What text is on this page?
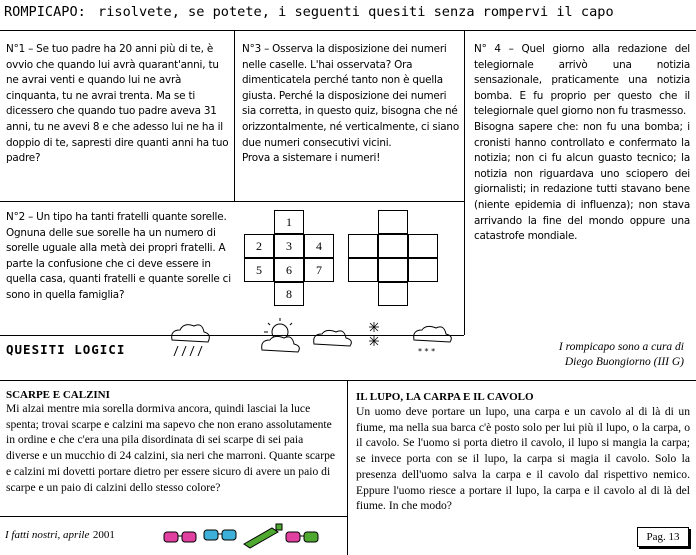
ROMPICAPO: risolvete, se potete, i seguenti quesiti senza rompervi il capo
N°1 – Se tuo padre ha 20 anni più di te, è ovvio che quando lui avrà quarant'anni, tu ne avrai venti e quando lui ne avrà cinquanta, tu ne avrai trenta. Ma se ti dicessero che quando tuo padre aveva 31 anni, tu ne avevi 8 e che adesso lui ne ha il doppio di te, sapresti dire quanti anni ha tuo padre?
N°3 – Osserva la disposizione dei numeri nelle caselle. L'hai osservata? Ora dimenticatela perché tanto non è quella giusta. Perché la disposizione dei numeri sia corretta, in questo quiz, bisogna che né orizzontalmente, né verticalmente, ci siano due numeri consecutivi vicini.
Prova a sistemare i numeri!
N° 4 – Quel giorno alla redazione del telegiornale arrivò una notizia sensazionale, praticamente una notizia bomba. E fu proprio per questo che il telegiornale quel giorno non fu trasmesso.
Bisogna sapere che: non fu una bomba; i cronisti hanno controllato e confermato la notizia; non ci fu alcun guasto tecnico; la notizia non riguardava uno sciopero dei giornalisti; in redazione tutti stavano bene (niente epidemia di influenza); non stava arrivando la fine del mondo oppure una catastrofe mondiale.
N°2 – Un tipo ha tanti fratelli quante sorelle. Ognuna delle sue sorelle ha un numero di sorelle uguale alla metà dei propri fratelli. A parte la confusione che ci deve essere in quella casa, quanti fratelli e quante sorelle ci sono in quella famiglia?
1
2	3	4
5	6	7
8
* * *
QUESITI LOGICI	I rompicapo sono a cura di
Diego Buongiorno (III G)
SCARPE E CALZINI
Mi alzai mentre mia sorella dormiva ancora, quindi lasciai la luce spenta; trovai scarpe e calzini ma sapevo che non erano assolutamente in ordine e che c'era una pila disordinata di sei scarpe di sei paia diverse e un mucchio di 24 calzini, sia neri che marroni. Quante scarpe e calzini mi dovetti portare dietro per essere sicuro di avere un paio di scarpe e un paio di calzini dello stesso colore?
IL LUPO, LA CARPA E IL CAVOLO
Un uomo deve portare un lupo, una carpa e un cavolo al di là di un fiume, ma nella sua barca c'è posto solo per lui più il lupo, o la carpa, o il cavolo. Se l'uomo si porta dietro il cavolo, il lupo si mangia la carpa; se invece porta con se il lupo, la carpa si magia il cavolo. Solo la presenza dell'uomo salva la carpa e il cavolo dal rispettivo nemico. Eppure l'uomo riesce a portare il lupo, la carpa e il cavolo al di là del fiume. In che modo?
I fatti nostri, aprile 2001	Pag. 13
